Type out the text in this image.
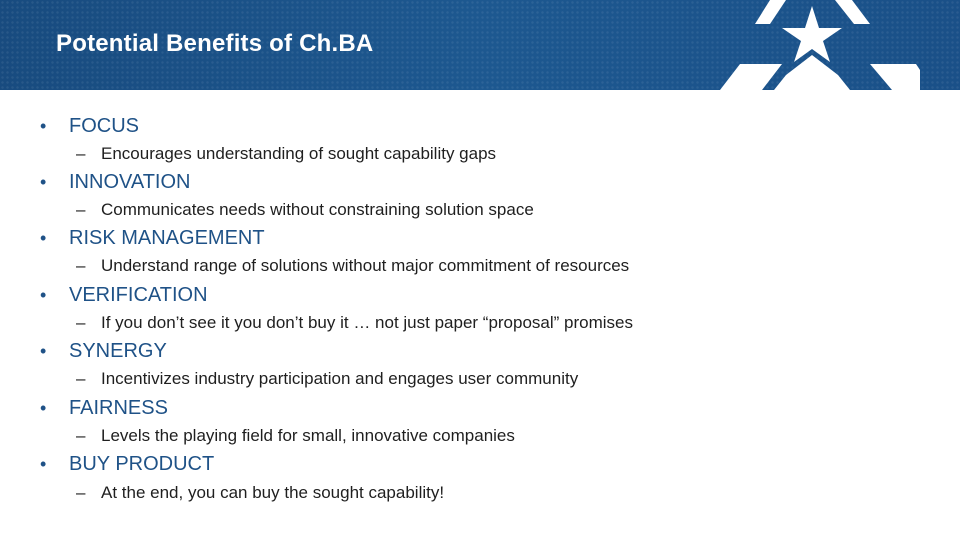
Potential Benefits of Ch.BA
•	FOCUS
– Encourages understanding of sought capability gaps
•	INNOVATION
– Communicates needs without constraining solution space
•	RISK MANAGEMENT
– Understand range of solutions without major commitment of resources
•	VERIFICATION
– If you don’t see it you don’t buy it … not just paper “proposal” promises
•	SYNERGY
– Incentivizes industry participation and engages user community
•	FAIRNESS
– Levels the playing field for small, innovative companies
•	BUY PRODUCT
– At the end, you can buy the sought capability!
